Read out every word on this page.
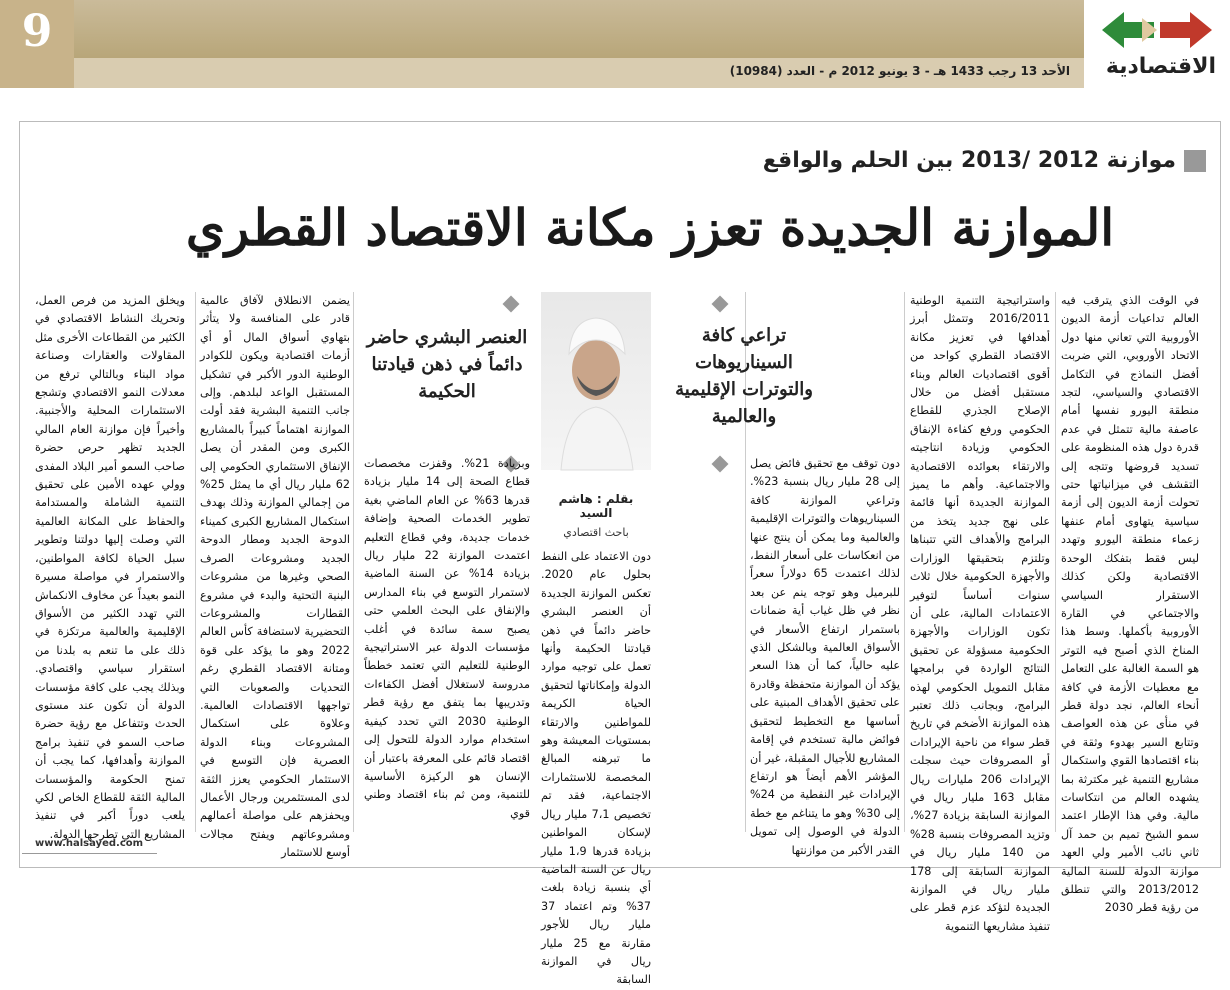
9
الاقتصادية
الأحد 13 رجب 1433 هـ - 3 يونيو 2012 م - العدد (10984)
موازنة 2012 /2013 بين الحلم والواقع
الموازنة الجديدة تعزز مكانة الاقتصاد القطري

في الوقت الذي يترقب فيه العالم تداعيات أزمة الديون الأوروبية التي تعاني منها دول الاتحاد الأوروبي، التي ضربت أفضل النماذج في التكامل الاقتصادي والسياسي، لتجد منطقة اليورو نفسها أمام عاصفة مالية تتمثل في عدم قدرة دول هذه المنظومة على تسديد قروضها وتتجه إلى التقشف في ميزانياتها حتى تحولت أزمة الديون إلى أزمة سياسية يتهاوى أمام عنفها زعماء منطقة اليورو وتهدد ليس فقط بتفكك الوحدة الاقتصادية ولكن كذلك الاستقرار السياسي والاجتماعي في القارة الأوروبية بأكملها. وسط هذا المناخ الذي أصبح فيه التوتر هو السمة الغالبة على التعامل مع معطيات الأزمة في كافة أنحاء العالم، نجد دولة قطر في منأى عن هذه العواصف وتتابع السير بهدوء وثقة في بناء اقتصادها القوي واستكمال مشاريع التنمية غير مكترثة بما يشهده العالم من انتكاسات مالية. وفي هذا الإطار اعتمد سمو الشيخ تميم بن حمد آل ثاني نائب الأمير ولي العهد موازنة الدولة للسنة المالية 2013/2012 والتي تنطلق من رؤية قطر 2030

واستراتيجية التنمية الوطنية 2016/2011 وتتمثل أبرز أهدافها في تعزيز مكانة الاقتصاد القطري كواحد من أقوى اقتصاديات العالم وبناء مستقبل أفضل من خلال الإصلاح الجذري للقطاع الحكومي ورفع كفاءة الإنفاق الحكومي وزيادة انتاجيته والارتقاء بعوائده الاقتصادية والاجتماعية. وأهم ما يميز الموازنة الجديدة أنها قائمة على نهج جديد يتخذ من البرامج والأهداف التي تتبناها وتلتزم بتحقيقها الوزارات والأجهزة الحكومية خلال ثلاث سنوات أساساً لتوفير الاعتمادات المالية، على أن تكون الوزارات والأجهزة الحكومية مسؤولة عن تحقيق النتائج الواردة في برامجها مقابل التمويل الحكومي لهذه البرامج، وبجانب ذلك تعتبر هذه الموازنة الأضخم في تاريخ قطر سواء من ناحية الإيرادات أو المصروفات حيث سجلت الإيرادات 206 مليارات ريال مقابل 163 مليار ريال في الموازنة السابقة بزيادة 27%، وتزيد المصروفات بنسبة 28% من 140 مليار ريال في الموازنة السابقة إلى 178 مليار ريال في الموازنة الجديدة لتؤكد عزم قطر على تنفيذ مشاريعها التنموية

تراعي كافة السيناريوهات والتوترات الإقليمية والعالمية

دون توقف مع تحقيق فائض يصل إلى 28 مليار ريال بنسبة 23%. وتراعي الموازنة كافة السيناريوهات والتوترات الإقليمية والعالمية وما يمكن أن ينتج عنها من انعكاسات على أسعار النفط، لذلك اعتمدت 65 دولاراً سعراً للبرميل وهو توجه ينم عن بعد نظر في ظل غياب أية ضمانات باستمرار ارتفاع الأسعار في الأسواق العالمية وبالشكل الذي عليه حالياً، كما أن هذا السعر يؤكد أن الموازنة متحفظة وقادرة على تحقيق الأهداف المبنية على أساسها مع التخطيط لتحقيق فوائض مالية تستخدم في إقامة المشاريع للأجيال المقبلة، غير أن المؤشر الأهم أيضاً هو ارتفاع الإيرادات غير النفطية من 24% إلى 30% وهو ما يتناغم مع خطة الدولة في الوصول إلى تمويل القدر الأكبر من موازنتها

بقلم : هاشم السيد
باحث اقتصادي

دون الاعتماد على النفط بحلول عام 2020. تعكس الموازنة الجديدة أن العنصر البشري حاضر دائماً في ذهن قيادتنا الحكيمة وأنها تعمل على توجيه موارد الدولة وإمكاناتها لتحقيق الحياة الكريمة للمواطنين والارتقاء بمستويات المعيشة وهو ما تبرهنه المبالغ المخصصة للاستثمارات الاجتماعية، فقد تم تخصيص 7،1 مليار ريال لإسكان المواطنين بزيادة قدرها 1،9 مليار ريال عن السنة الماضية أي بنسبة زيادة بلغت 37% وتم اعتماد 37 مليار ريال للأجور مقارنة مع 25 مليار ريال في الموازنة السابقة

العنصر البشري حاضر دائماً في ذهن قيادتنا الحكيمة

وبزيادة 21%. وقفزت مخصصات قطاع الصحة إلى 14 مليار بزيادة قدرها 63% عن العام الماضي بغية تطوير الخدمات الصحية وإضافة خدمات جديدة، وفي قطاع التعليم اعتمدت الموازنة 22 مليار ريال بزيادة 14% عن السنة الماضية لاستمرار التوسع في بناء المدارس والإنفاق على البحث العلمي حتى يصبح سمة سائدة في أغلب مؤسسات الدولة عبر الاستراتيجية الوطنية للتعليم التي تعتمد خططاً مدروسة لاستغلال أفضل الكفاءات وتدريبها بما يتفق مع رؤية قطر الوطنية 2030 التي تحدد كيفية استخدام موارد الدولة للتحول إلى اقتصاد قائم على المعرفة باعتبار أن الإنسان هو الركيزة الأساسية للتنمية، ومن ثم بناء اقتصاد وطني قوي

يضمن الانطلاق لآفاق عالمية قادر على المنافسة ولا يتأثر بتهاوي أسواق المال أو أي أزمات اقتصادية ويكون للكوادر الوطنية الدور الأكبر في تشكيل المستقبل الواعد لبلدهم. وإلى جانب التنمية البشرية فقد أولت الموازنة اهتماماً كبيراً بالمشاريع الكبرى ومن المقدر أن يصل الإنفاق الاستثماري الحكومي إلى 62 مليار ريال أي ما يمثل 25% من إجمالي الموازنة وذلك بهدف استكمال المشاريع الكبرى كميناء الدوحة الجديد ومطار الدوحة الجديد ومشروعات الصرف الصحي وغيرها من مشروعات البنية التحتية والبدء في مشروع القطارات والمشروعات التحضيرية لاستضافة كأس العالم 2022 وهو ما يؤكد على قوة ومتانة الاقتصاد القطري رغم التحديات والصعوبات التي تواجهها الاقتصادات العالمية. وعلاوة على استكمال المشروعات وبناء الدولة العصرية فإن التوسع في الاستثمار الحكومي يعزز الثقة لدى المستثمرين ورجال الأعمال ويحفزهم على مواصلة أعمالهم ومشروعاتهم ويفتح مجالات أوسع للاستثمار

ويخلق المزيد من فرص العمل، وتحريك النشاط الاقتصادي في الكثير من القطاعات الأخرى مثل المقاولات والعقارات وصناعة مواد البناء وبالتالي ترفع من معدلات النمو الاقتصادي وتشجع الاستثمارات المحلية والأجنبية. وأخيراً فإن موازنة العام المالي الجديد تظهر حرص حضرة صاحب السمو أمير البلاد المفدى وولي عهده الأمين على تحقيق التنمية الشاملة والمستدامة والحفاظ على المكانة العالمية التي وصلت إليها دولتنا وتطوير سبل الحياة لكافة المواطنين، والاستمرار في مواصلة مسيرة النمو بعيداً عن مخاوف الانكماش التي تهدد الكثير من الأسواق الإقليمية والعالمية مرتكزة في ذلك على ما تنعم به بلدنا من استقرار سياسي واقتصادي. وبذلك يجب على كافة مؤسسات الدولة أن تكون عند مستوى الحدث وتتفاعل مع رؤية حضرة صاحب السمو في تنفيذ برامج الموازنة وأهدافها، كما يجب أن تمنح الحكومة والمؤسسات المالية الثقة للقطاع الخاص لكي يلعب دوراً أكبر في تنفيذ المشاريع التي تطرحها الدولة.

www.halsayed.com
